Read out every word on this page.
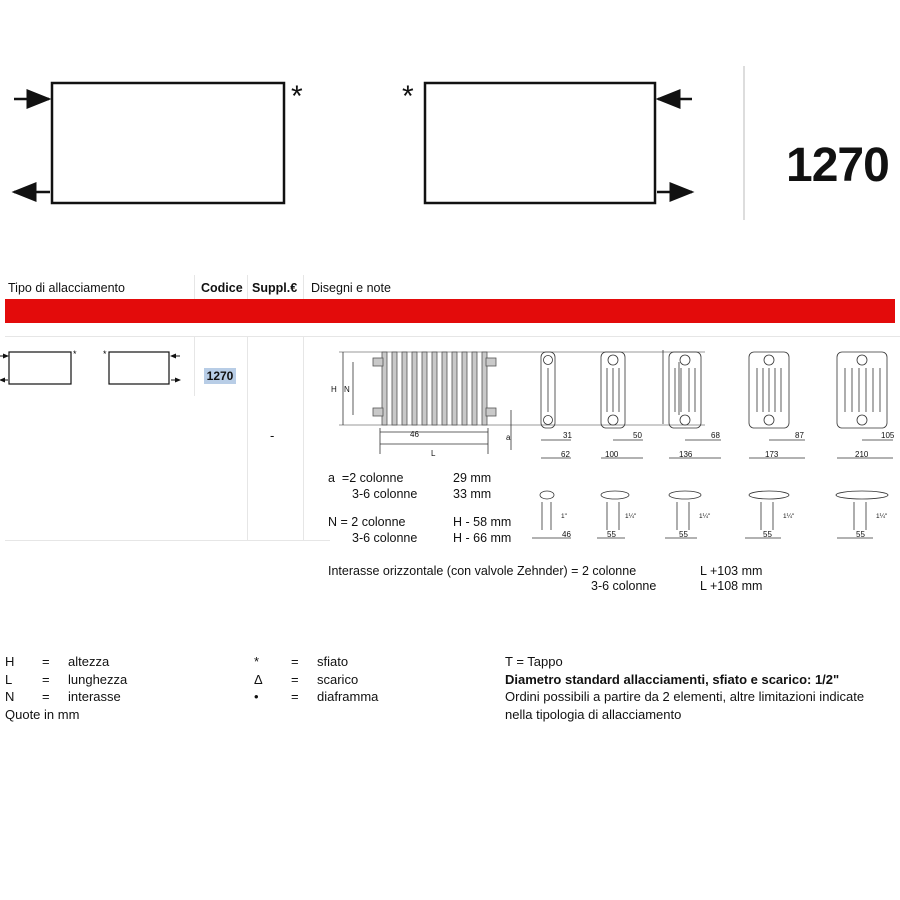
*	*
1270
Tipo di allacciamento	Codice Suppl.€ Disegni e note
*	*
1270
-
H N
L
a
46	31
62
50
100
68
136
87
173
105
210
1"
46
1¼"
55
1¼"
55
1¼"
55
1¼"
55
a  =2 colonne	29 mm
3-6 colonne	33 mm
N = 2 colonne	H - 58 mm
3-6 colonne	H - 66 mm
Interasse orizzontale (con valvole Zehnder) = 2 colonne	L +103 mm
3-6 colonne	L +108 mm
H = altezza
L = lunghezza
N = interasse
Quote in mm
* = sfiato
Δ = scarico
• = diaframma
T = Tappo
Diametro standard allacciamenti, sfiato e scarico: 1/2"
Ordini possibili a partire da 2 elementi, altre limitazioni indicate
nella tipologia di allacciamento
